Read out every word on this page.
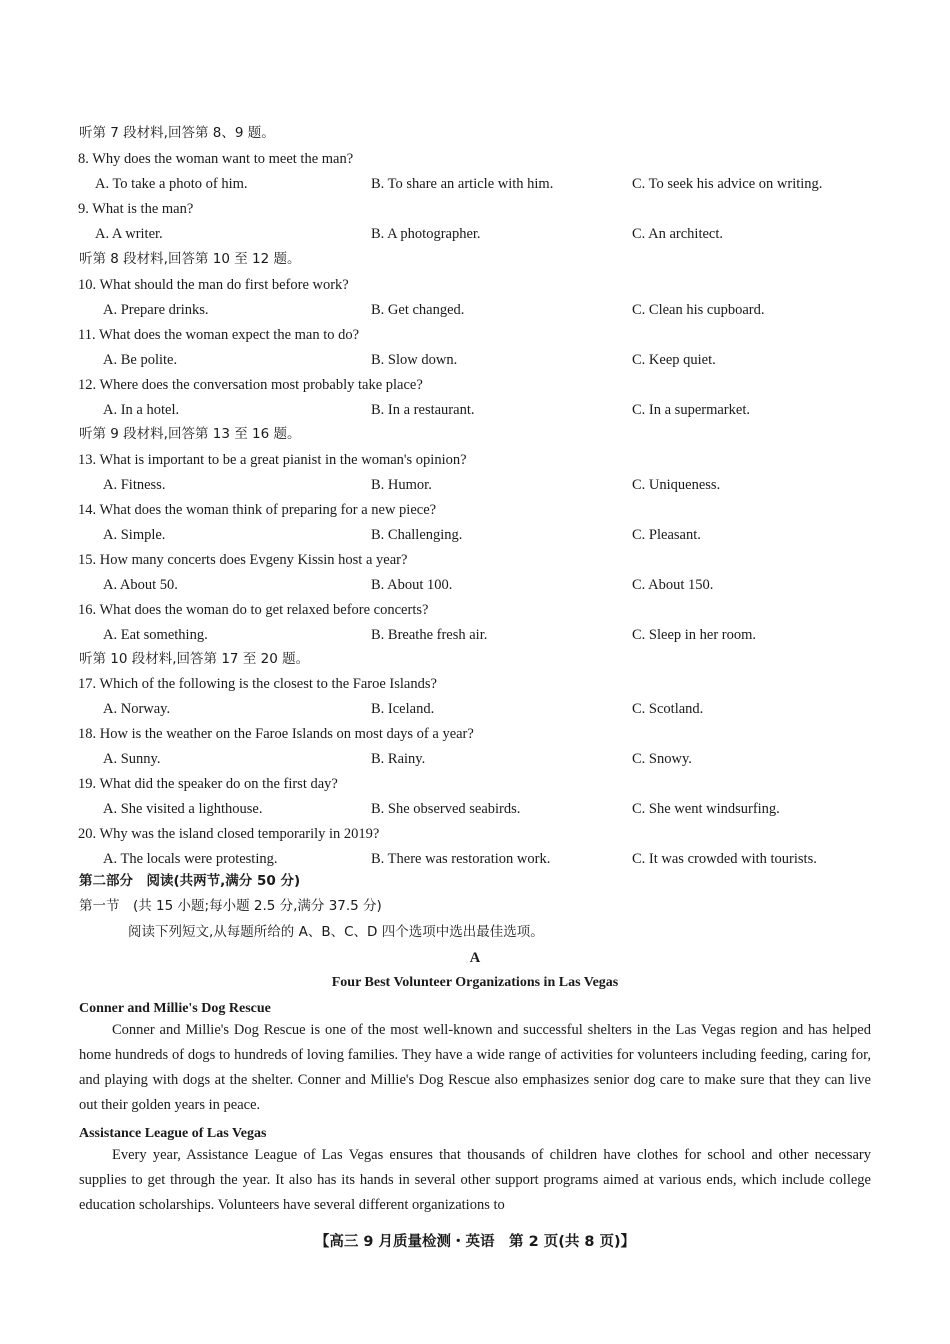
听第 7 段材料,回答第 8、9 题。
8. Why does the woman want to meet the man?
A. To take a photo of him.	B. To share an article with him.	C. To seek his advice on writing.
9. What is the man?
A. A writer.	B. A photographer.	C. An architect.
听第 8 段材料,回答第 10 至 12 题。
10. What should the man do first before work?
A. Prepare drinks.	B. Get changed.	C. Clean his cupboard.
11. What does the woman expect the man to do?
A. Be polite.	B. Slow down.	C. Keep quiet.
12. Where does the conversation most probably take place?
A. In a hotel.	B. In a restaurant.	C. In a supermarket.
听第 9 段材料,回答第 13 至 16 题。
13. What is important to be a great pianist in the woman's opinion?
A. Fitness.	B. Humor.	C. Uniqueness.
14. What does the woman think of preparing for a new piece?
A. Simple.	B. Challenging.	C. Pleasant.
15. How many concerts does Evgeny Kissin host a year?
A. About 50.	B. About 100.	C. About 150.
16. What does the woman do to get relaxed before concerts?
A. Eat something.	B. Breathe fresh air.	C. Sleep in her room.
听第 10 段材料,回答第 17 至 20 题。
17. Which of the following is the closest to the Faroe Islands?
A. Norway.	B. Iceland.	C. Scotland.
18. How is the weather on the Faroe Islands on most days of a year?
A. Sunny.	B. Rainy.	C. Snowy.
19. What did the speaker do on the first day?
A. She visited a lighthouse.	B. She observed seabirds.	C. She went windsurfing.
20. Why was the island closed temporarily in 2019?
A. The locals were protesting.	B. There was restoration work.	C. It was crowded with tourists.
第二部分　阅读(共两节,满分 50 分)
第一节　(共 15 小题;每小题 2.5 分,满分 37.5 分)
阅读下列短文,从每题所给的 A、B、C、D 四个选项中选出最佳选项。
A
Four Best Volunteer Organizations in Las Vegas
Conner and Millie's Dog Rescue
Conner and Millie's Dog Rescue is one of the most well-known and successful shelters in the Las Vegas region and has helped home hundreds of dogs to hundreds of loving families. They have a wide range of activities for volunteers including feeding, caring for, and playing with dogs at the shelter. Conner and Millie's Dog Rescue also emphasizes senior dog care to make sure that they can live out their golden years in peace.
Assistance League of Las Vegas
Every year, Assistance League of Las Vegas ensures that thousands of children have clothes for school and other necessary supplies to get through the year. It also has its hands in several other support programs aimed at various ends, which include college education scholarships. Volunteers have several different organizations to
【高三 9 月质量检测・英语　第 2 页(共 8 页)】
